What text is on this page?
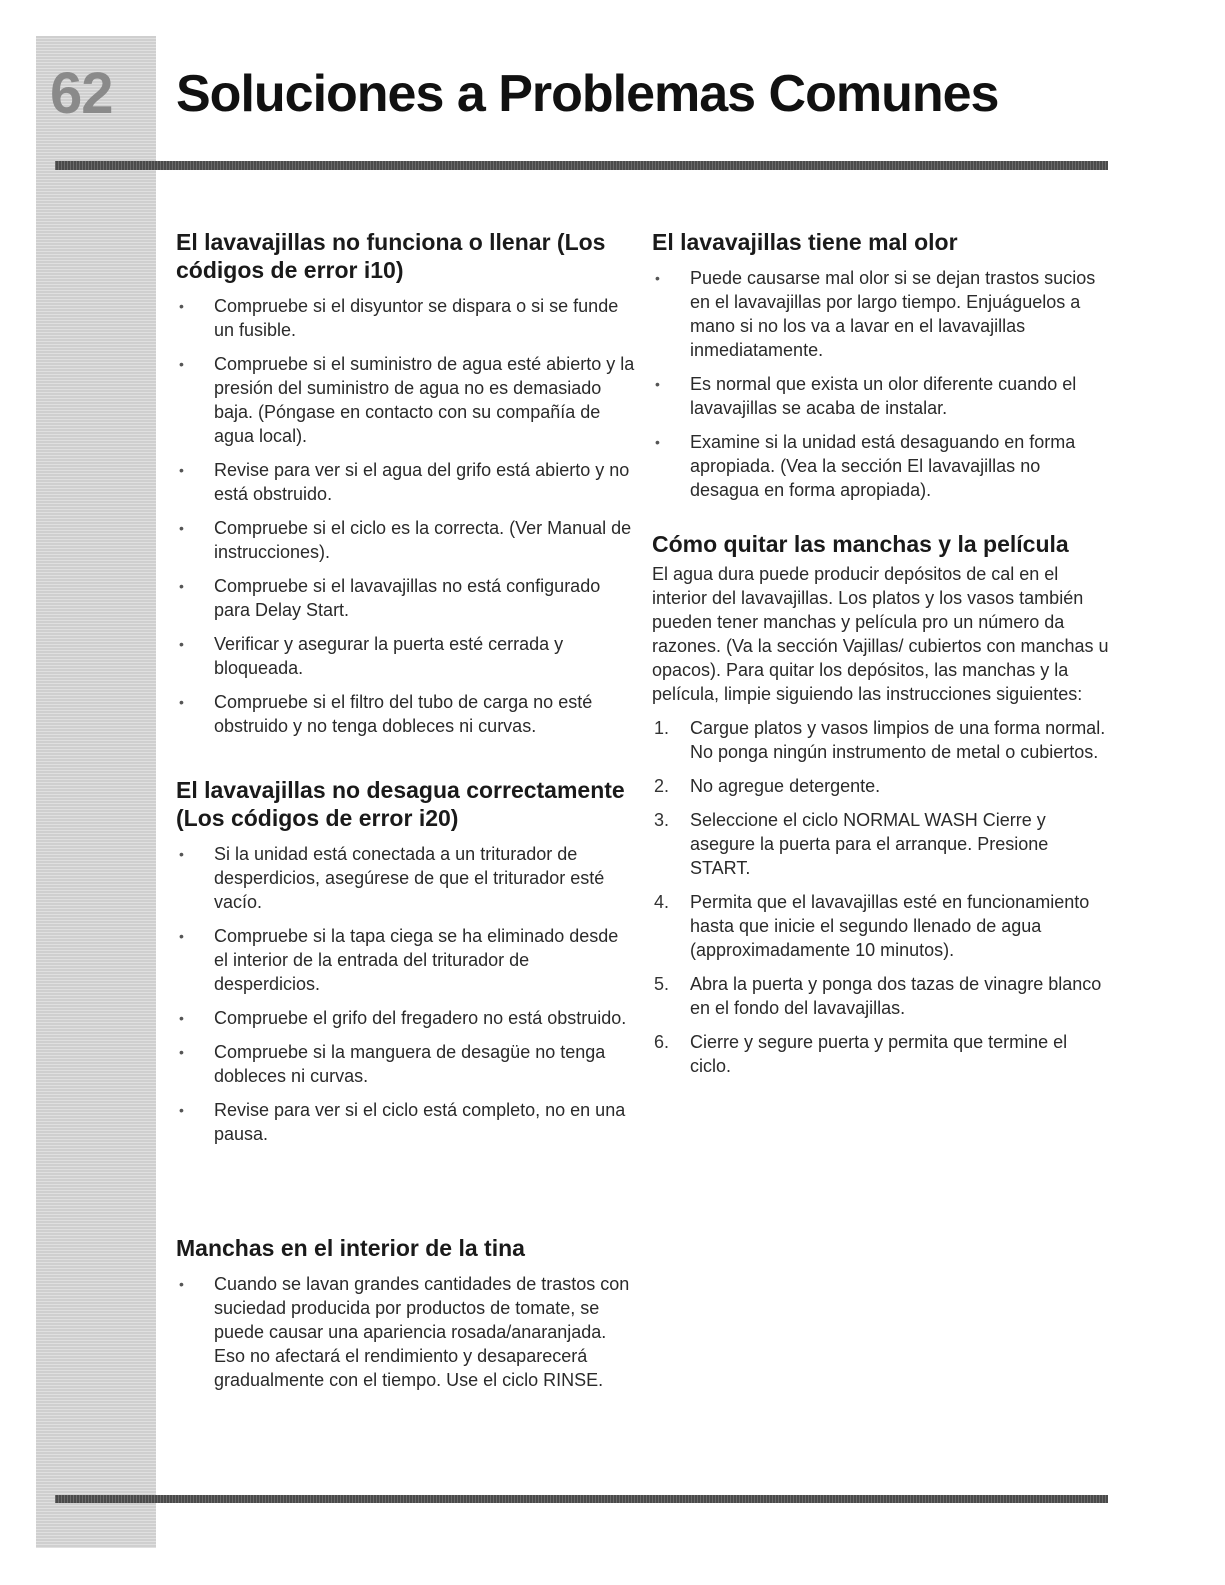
62	Soluciones a Problemas Comunes
El lavavajillas no funciona o llenar (Los códigos de error i10)
• Compruebe si el disyuntor se dispara o si se funde un fusible.
• Compruebe si el suministro de agua esté abierto y la presión del suministro de agua no es demasiado baja. (Póngase en contacto con su compañía de agua local).
• Revise para ver si el agua del grifo está abierto y no está obstruido.
• Compruebe si el ciclo es la correcta. (Ver Manual de instrucciones).
• Compruebe si el lavavajillas no está configurado para Delay Start.
• Verificar y asegurar la puerta esté cerrada y bloqueada.
• Compruebe si el filtro del tubo de carga no esté obstruido y no tenga dobleces ni curvas.
El lavavajillas no desagua correctamente (Los códigos de error i20)
• Si la unidad está conectada a un triturador de desperdicios, asegúrese de que el triturador esté vacío.
• Compruebe si la tapa ciega se ha eliminado desde el interior de la entrada del triturador de desperdicios.
• Compruebe el grifo del fregadero no está obstruido.
• Compruebe si la manguera de desagüe no tenga dobleces ni curvas.
• Revise para ver si el ciclo está completo, no en una pausa.
Manchas en el interior de la tina
• Cuando se lavan grandes cantidades de trastos con suciedad producida por productos de tomate, se puede causar una apariencia rosada/anaranjada. Eso no afectará el rendimiento y desaparecerá gradualmente con el tiempo. Use el ciclo RINSE.
El lavavajillas tiene mal olor
• Puede causarse mal olor si se dejan trastos sucios en el lavavajillas por largo tiempo. Enjuáguelos a mano si no los va a lavar en el lavavajillas inmediatamente.
• Es normal que exista un olor diferente cuando el lavavajillas se acaba de instalar.
• Examine si la unidad está desaguando en forma apropiada. (Vea la sección El lavavajillas no desagua en forma apropiada).
Cómo quitar las manchas y la película

El agua dura puede producir depósitos de cal en el interior del lavavajillas. Los platos y los vasos también pueden tener manchas y película pro un número da razones. (Va la sección Vajillas/ cubiertos con manchas u opacos). Para quitar los depósitos, las manchas y la película, limpie siguiendo las instrucciones siguientes:

1. Cargue platos y vasos limpios de una forma normal. No ponga ningún instrumento de metal o cubiertos.
2. No agregue detergente.
3. Seleccione el ciclo NORMAL WASH Cierre y asegure la puerta para el arranque. Presione START.
4. Permita que el lavavajillas esté en funcionamiento hasta que inicie el segundo llenado de agua (approximadamente 10 minutos).
5. Abra la puerta y ponga dos tazas de vinagre blanco en el fondo del lavavajillas.
6. Cierre y segure puerta y permita que termine el ciclo.
